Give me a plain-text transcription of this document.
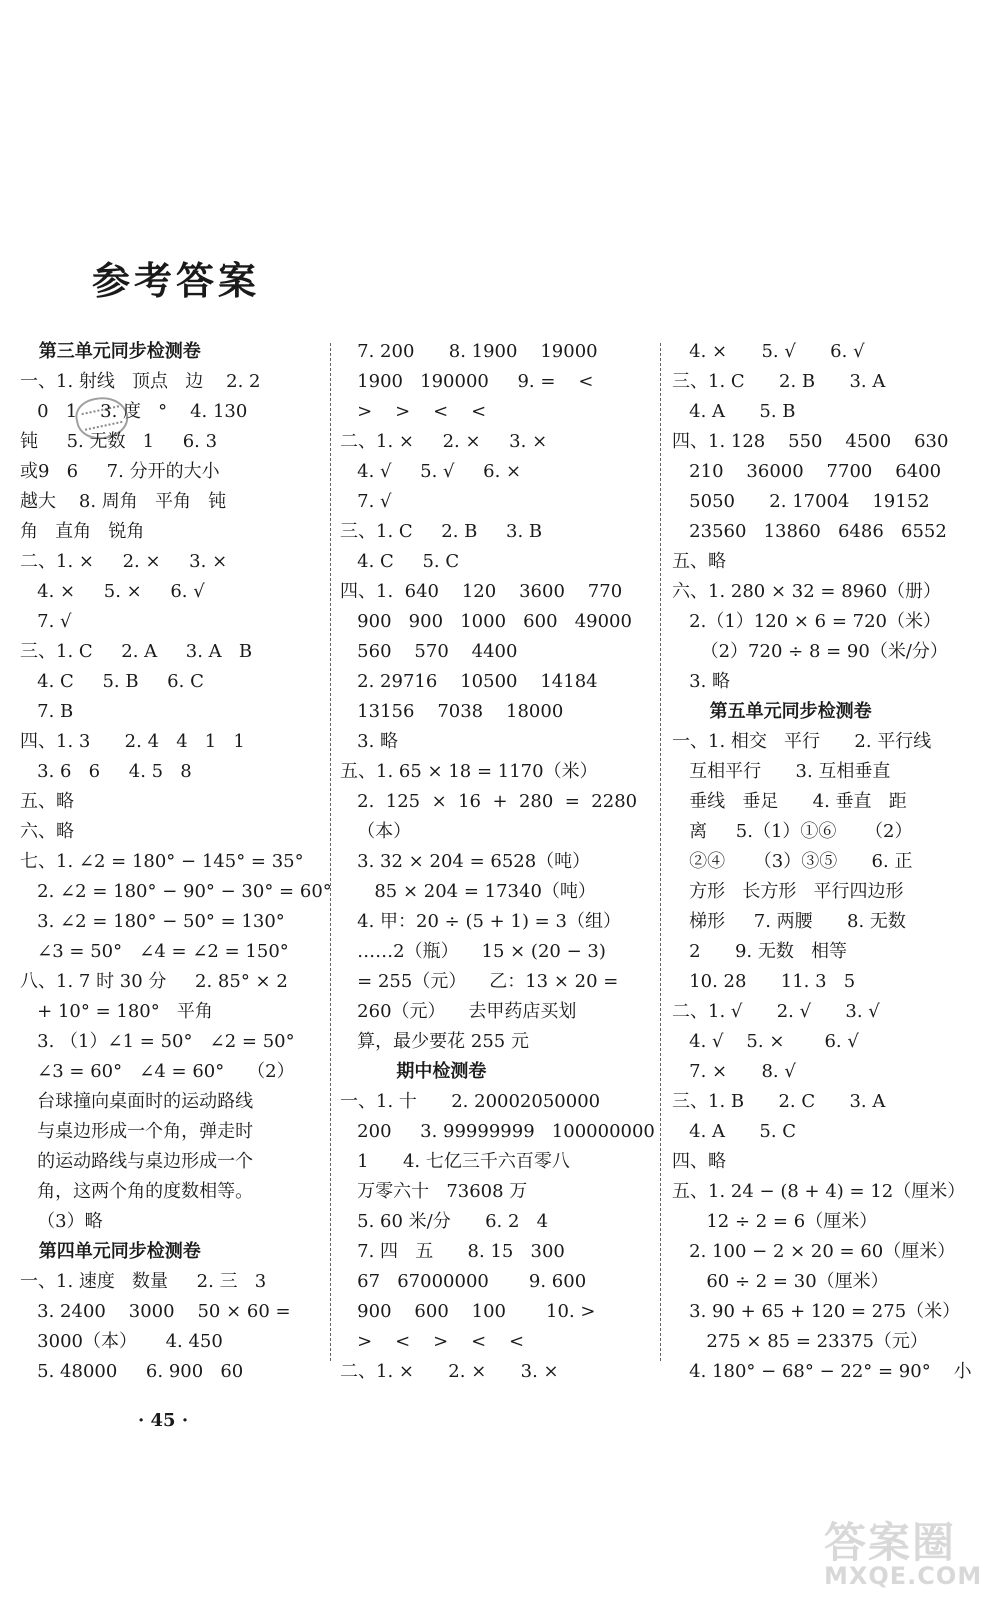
参考答案
第三单元同步检测卷
一、1. 射线   顶点   边    2. 2
0   1    3. 度   °    4. 130
钝     5. 无数   1     6. 3
或9   6     7. 分开的大小
越大    8. 周角   平角   钝
角   直角   锐角
二、1. ×     2. ×     3. ×
4. ×     5. ×     6. √
7. √
三、1. C     2. A     3. A   B
4. C     5. B     6. C
7. B
四、1. 3      2. 4   4   1   1
3. 6   6     4. 5   8
五、略
六、略
七、1. ∠2 = 180° − 145° = 35°
2. ∠2 = 180° − 90° − 30° = 60°
3. ∠2 = 180° − 50° = 130°
∠3 = 50°   ∠4 = ∠2 = 150°
八、1. 7 时 30 分     2. 85° × 2
+ 10° = 180°   平角
3. （1）∠1 = 50°   ∠2 = 50°
∠3 = 60°   ∠4 = 60°    （2）
台球撞向桌面时的运动路线
与桌边形成一个角，弹走时
的运动路线与桌边形成一个
角，这两个角的度数相等。
（3）略
第四单元同步检测卷
一、1. 速度   数量     2. 三   3
3. 2400    3000    50 × 60 =
3000（本）     4. 450
5. 48000     6. 900   60
7. 200      8. 1900    19000
1900   190000     9. =    <
>    >    <    <
二、1. ×     2. ×     3. ×
4. √     5. √     6. ×
7. √
三、1. C     2. B     3. B
4. C     5. C
四、1.  640    120    3600    770
900   900   1000   600   49000
560    570    4400
2. 29716    10500    14184
13156    7038    18000
3. 略
五、1. 65 × 18 = 1170（米）
2.  125  ×  16  +  280  =  2280
（本）
3. 32 × 204 = 6528（吨）
85 × 204 = 17340（吨）
4. 甲：20 ÷ (5 + 1) = 3（组）
……2（瓶）    15 × (20 − 3)
= 255（元）    乙：13 × 20 =
260（元）    去甲药店买划
算，最少要花 255 元
期中检测卷
一、1. 十      2. 20002050000
200     3. 99999999   100000000
1      4. 七亿三千六百零八
万零六十   73608 万
5. 60 米/分      6. 2   4
7. 四   五      8. 15   300
67   67000000       9. 600
900    600    100       10. >
>    <    >    <    <
二、1. ×      2. ×      3. ×
4. ×      5. √      6. √
三、1. C      2. B      3. A
4. A      5. B
四、1. 128    550    4500    630
210    36000    7700    6400
5050      2. 17004    19152
23560   13860   6486   6552
五、略
六、1. 280 × 32 = 8960（册）
2.（1）120 × 6 = 720（米）
（2）720 ÷ 8 = 90（米/分）
3. 略
第五单元同步检测卷
一、1. 相交   平行      2. 平行线
互相平行      3. 互相垂直
垂线   垂足      4. 垂直   距
离     5.（1）①⑥     （2）
②④     （3）③⑤      6. 正
方形   长方形   平行四边形
梯形     7. 两腰      8. 无数
2      9. 无数   相等
10. 28      11. 3   5
二、1. √      2. √      3. √
4. √    5. ×       6. √
7. ×      8. √
三、1. B      2. C      3. A
4. A      5. C
四、略
五、1. 24 − (8 + 4) = 12（厘米）
12 ÷ 2 = 6（厘米）
2. 100 − 2 × 20 = 60（厘米）
60 ÷ 2 = 30（厘米）
3. 90 + 65 + 120 = 275（米）
275 × 85 = 23375（元）
4. 180° − 68° − 22° = 90°    小
· 45 ·
答案圈
MXQE.COM
